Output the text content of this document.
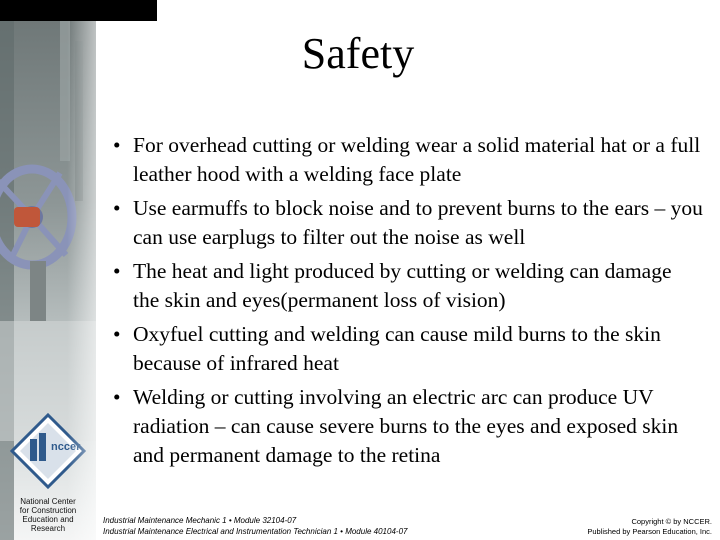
National Center
for Construction
Education and
Research
Safety
• For overhead cutting or welding wear a solid material hat or a full leather hood with a welding face plate
• Use earmuffs to block noise and to prevent burns to the ears – you can use earplugs to filter out the noise as well
• The heat and light produced by cutting or welding can damage the skin and eyes(permanent loss of vision)
• Oxyfuel cutting and welding can cause mild burns to the skin because of infrared heat
• Welding or cutting involving an electric arc can produce UV radiation – can cause severe burns to the eyes and exposed skin and permanent damage to the retina
Industrial Maintenance Mechanic 1 • Module 32104-07
Industrial Maintenance Electrical and Instrumentation Technician 1 • Module 40104-07
Copyright © by NCCER.
Published by Pearson Education, Inc.
